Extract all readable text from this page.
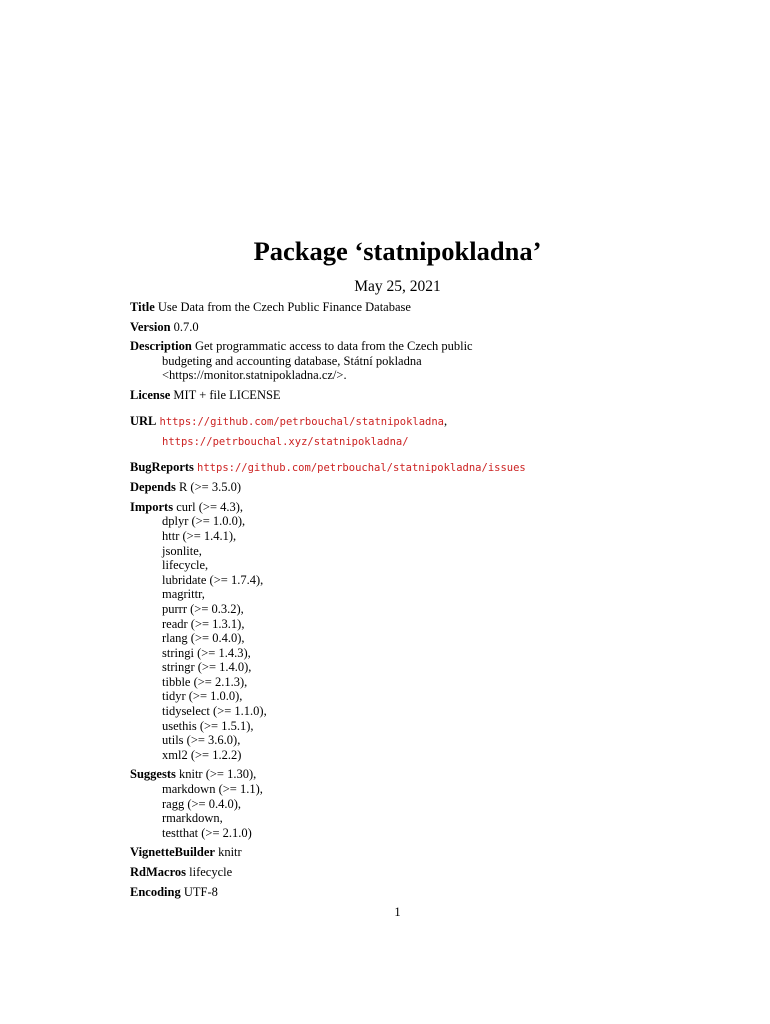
Package ‘statnipokladna’
May 25, 2021

Title Use Data from the Czech Public Finance Database

Version 0.7.0

Description Get programmatic access to data from the Czech public
budgeting and accounting database, Státní pokladna
<https://monitor.statnipokladna.cz/>.

License MIT + file LICENSE

URL https://github.com/petrbouchal/statnipokladna,
https://petrbouchal.xyz/statnipokladna/

BugReports https://github.com/petrbouchal/statnipokladna/issues

Depends R (>= 3.5.0)

Imports curl (>= 4.3),
dplyr (>= 1.0.0),
httr (>= 1.4.1),
jsonlite,
lifecycle,
lubridate (>= 1.7.4),
magrittr,
purrr (>= 0.3.2),
readr (>= 1.3.1),
rlang (>= 0.4.0),
stringi (>= 1.4.3),
stringr (>= 1.4.0),
tibble (>= 2.1.3),
tidyr (>= 1.0.0),
tidyselect (>= 1.1.0),
usethis (>= 1.5.1),
utils (>= 3.6.0),
xml2 (>= 1.2.2)
Suggests knitr (>= 1.30),
markdown (>= 1.1),
ragg (>= 0.4.0),
rmarkdown,
testthat (>= 2.1.0)

VignetteBuilder knitr

RdMacros lifecycle

Encoding UTF-8

1
